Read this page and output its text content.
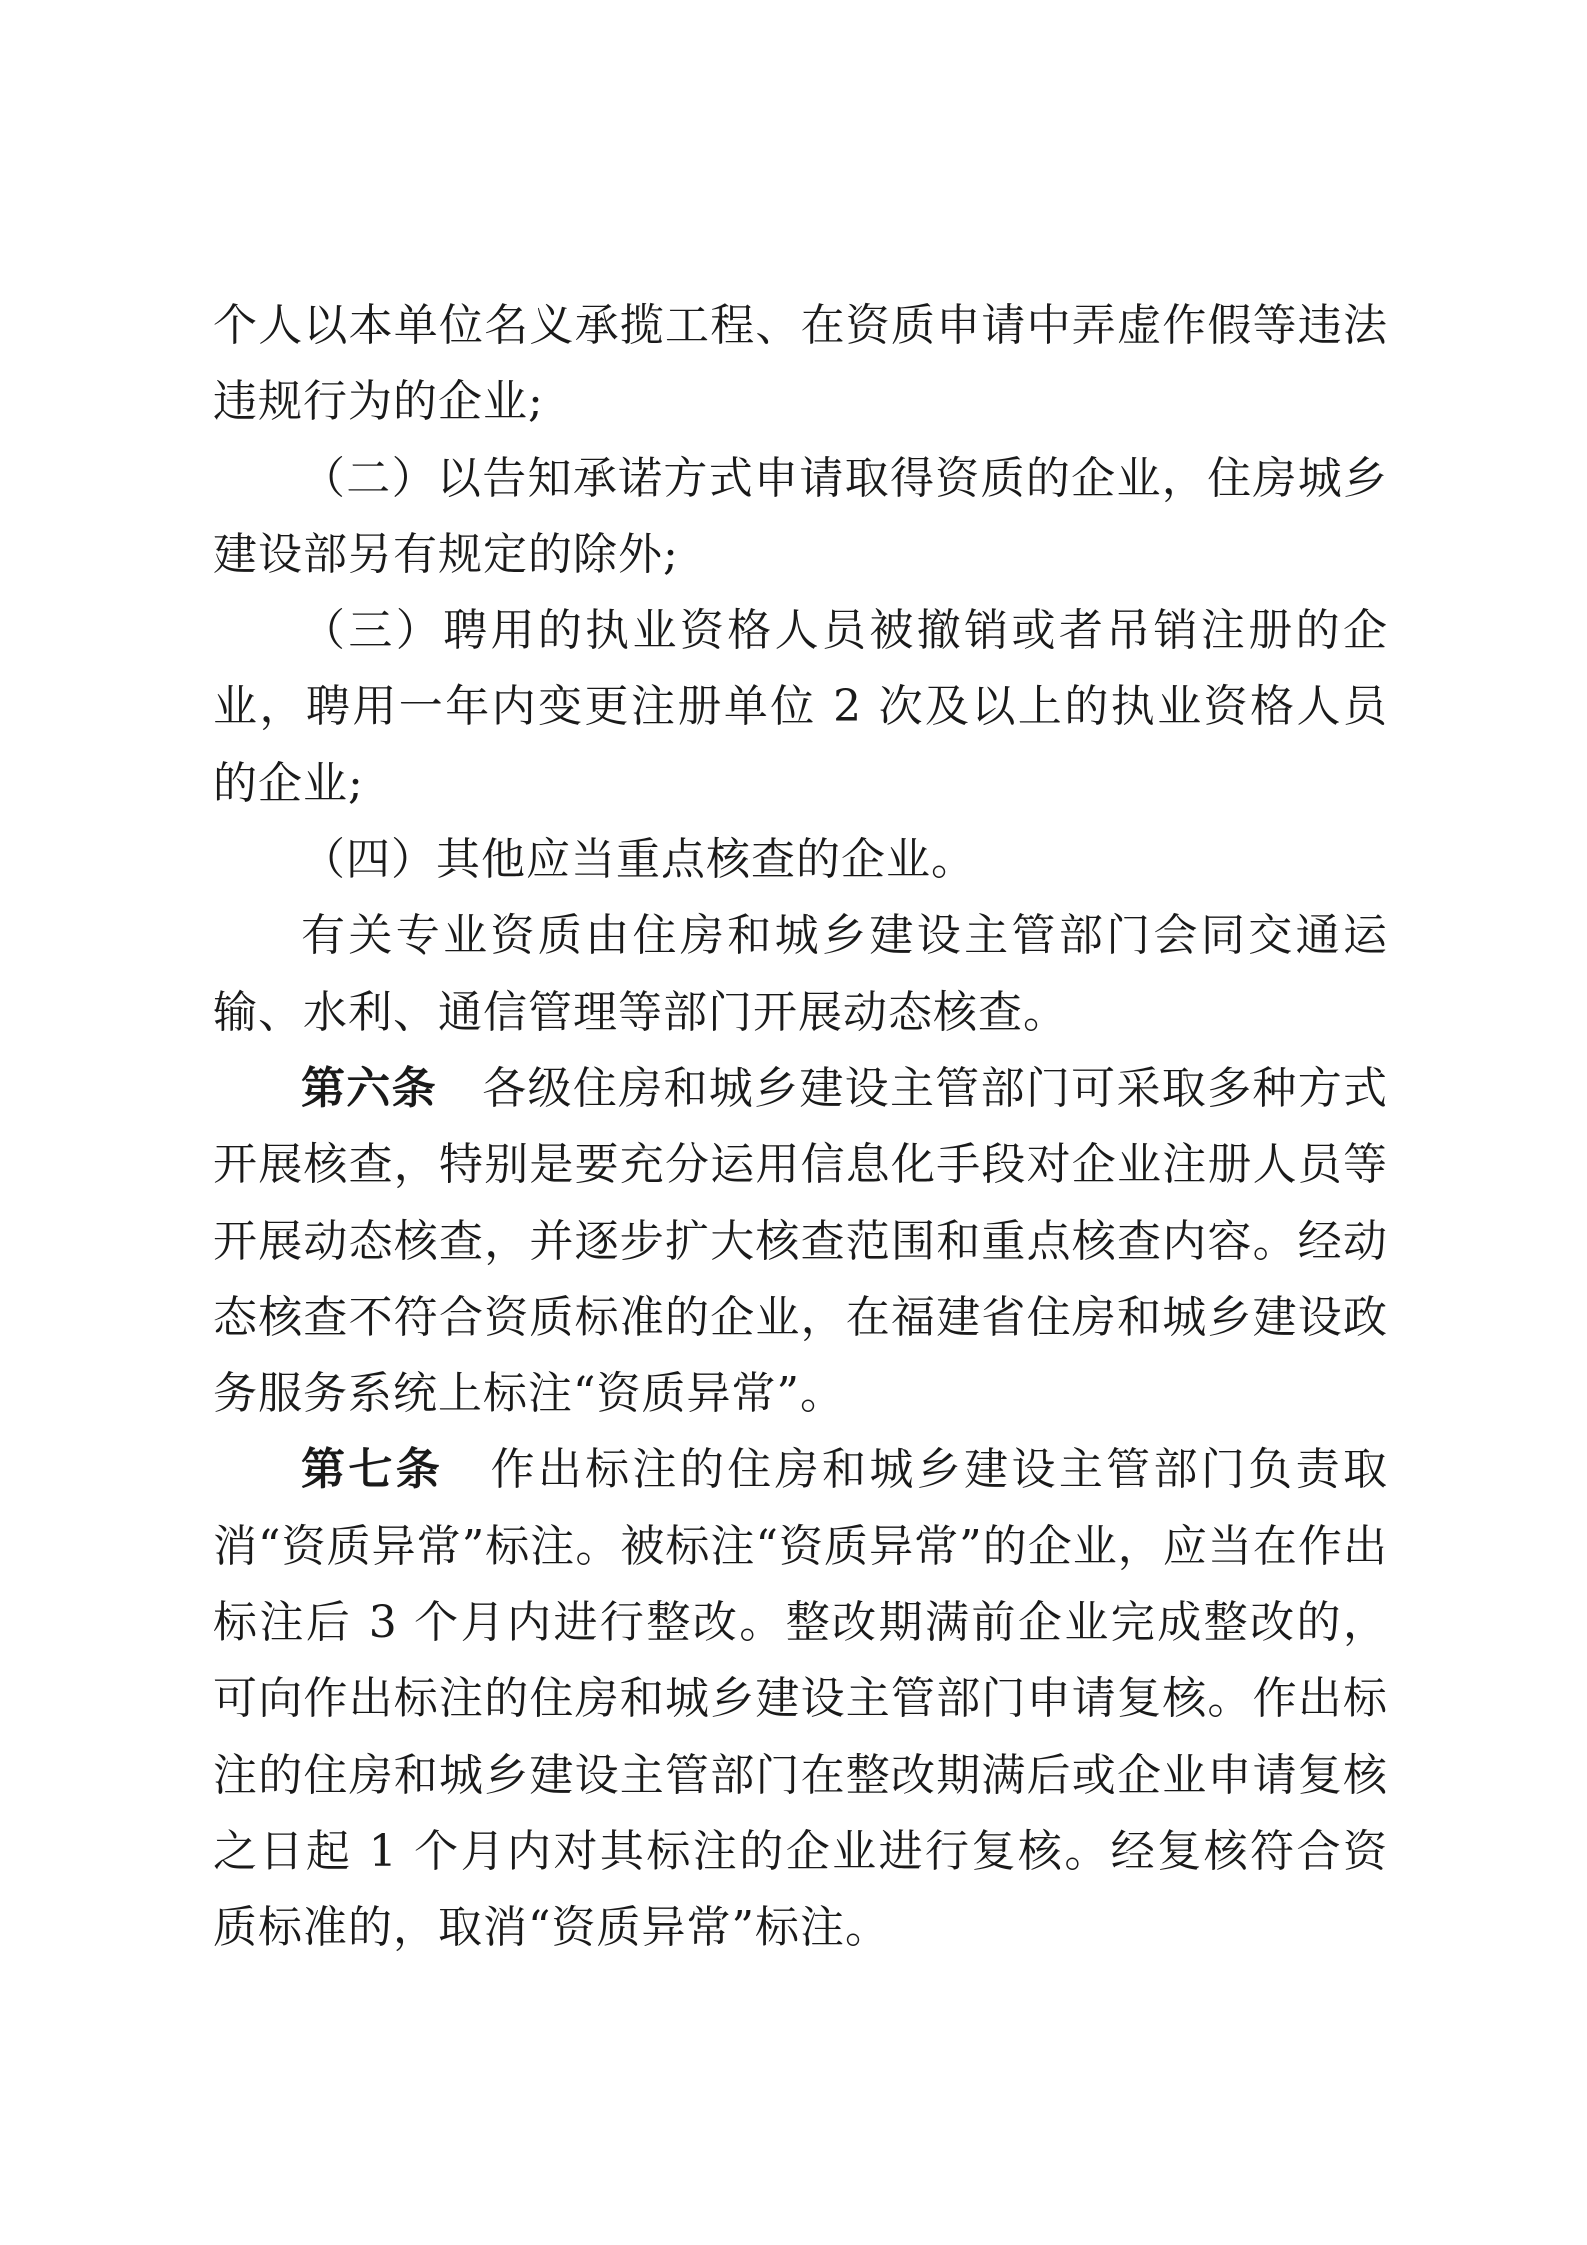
个人以本单位名义承揽工程、在资质申请中弄虚作假等违法违规行为的企业;

（二）以告知承诺方式申请取得资质的企业，住房城乡建设部另有规定的除外;

（三）聘用的执业资格人员被撤销或者吊销注册的企业，聘用一年内变更注册单位 2 次及以上的执业资格人员的企业;

（四）其他应当重点核查的企业。

有关专业资质由住房和城乡建设主管部门会同交通运输、水利、通信管理等部门开展动态核查。

第六条  各级住房和城乡建设主管部门可采取多种方式开展核查，特别是要充分运用信息化手段对企业注册人员等开展动态核查，并逐步扩大核查范围和重点核查内容。经动态核查不符合资质标准的企业，在福建省住房和城乡建设政务服务系统上标注“资质异常”。

第七条  作出标注的住房和城乡建设主管部门负责取消“资质异常”标注。被标注“资质异常”的企业，应当在作出标注后 3 个月内进行整改。整改期满前企业完成整改的，可向作出标注的住房和城乡建设主管部门申请复核。作出标注的住房和城乡建设主管部门在整改期满后或企业申请复核之日起 1 个月内对其标注的企业进行复核。经复核符合资质标准的，取消“资质异常”标注。
